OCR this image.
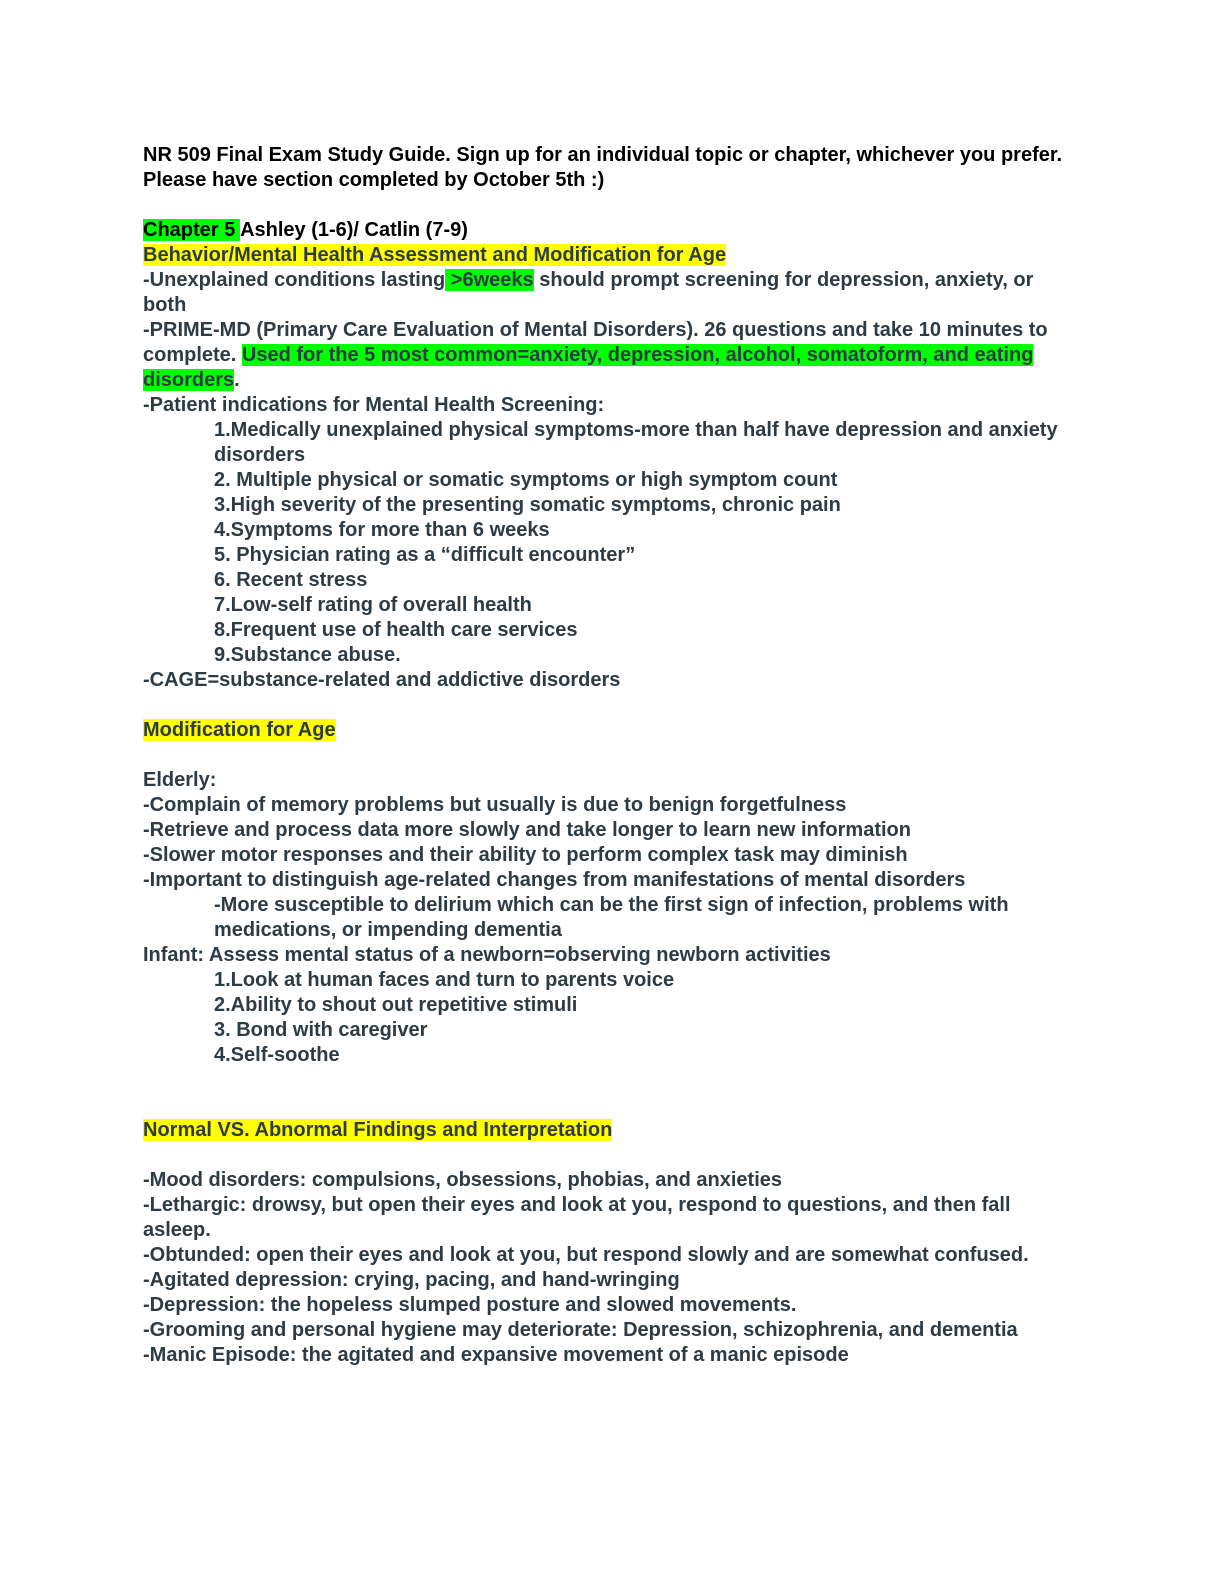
NR 509 Final Exam Study Guide. Sign up for an individual topic or chapter, whichever you prefer. Please have section completed by October 5th :)

Chapter 5 Ashley (1-6)/ Catlin (7-9)

Behavior/Mental Health Assessment and Modification for Age

-Unexplained conditions lasting >6weeks should prompt screening for depression, anxiety, or both

-PRIME-MD (Primary Care Evaluation of Mental Disorders). 26 questions and take 10 minutes to complete. Used for the 5 most common=anxiety, depression, alcohol, somatoform, and eating disorders.

-Patient indications for Mental Health Screening:

1.Medically unexplained physical symptoms-more than half have depression and anxiety disorders

2. Multiple physical or somatic symptoms or high symptom count

3.High severity of the presenting somatic symptoms, chronic pain

4.Symptoms for more than 6 weeks

5. Physician rating as a “difficult encounter”

6. Recent stress

7.Low-self rating of overall health

8.Frequent use of health care services

9.Substance abuse.

-CAGE=substance-related and addictive disorders

Modification for Age

Elderly:

-Complain of memory problems but usually is due to benign forgetfulness

-Retrieve and process data more slowly and take longer to learn new information

-Slower motor responses and their ability to perform complex task may diminish

-Important to distinguish age-related changes from manifestations of mental disorders

-More susceptible to delirium which can be the first sign of infection, problems with medications, or impending dementia

Infant: Assess mental status of a newborn=observing newborn activities

1.Look at human faces and turn to parents voice

2.Ability to shout out repetitive stimuli

3. Bond with caregiver

4.Self-soothe

Normal VS. Abnormal Findings and Interpretation

-Mood disorders: compulsions, obsessions, phobias, and anxieties

-Lethargic: drowsy, but open their eyes and look at you, respond to questions, and then fall asleep.

-Obtunded: open their eyes and look at you, but respond slowly and are somewhat confused.

-Agitated depression: crying, pacing, and hand-wringing

-Depression: the hopeless slumped posture and slowed movements.

-Grooming and personal hygiene may deteriorate: Depression, schizophrenia, and dementia

-Manic Episode: the agitated and expansive movement of a manic episode
